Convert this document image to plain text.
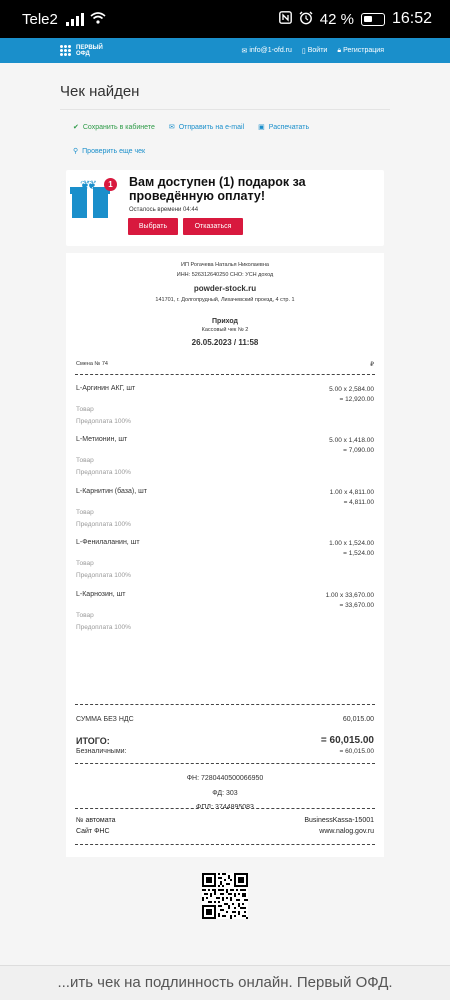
Tele2	42 % 16:52
ПЕРВЫЙ
ОФД	✉ info@1-ofd.ru ▯ Войти 🔒︎ Регистрация
Чек найден
✔ Сохранить в кабинете ✉ Отправить на e-mail ▣ Распечатать
⚲ Проверить еще чек
❦❦	1	Вам доступен (1) подарок за проведённую оплату!
Осталось времени 04:44
Выбрать	Отказаться
ИП Рогачева Наталья Николаевна
ИНН: 526312640250 СНО: УСН доход
powder-stock.ru
141701, г. Долгопрудный, Лихачевский проезд, 4 стр. 1
Приход
Кассовый чек № 2
26.05.2023 / 11:58
Смена № 74	₽
L-Аргинин АКГ, шт	5.00 x 2,584.00
= 12,920.00
Товар
Предоплата 100%
L-Метионин, шт	5.00 x 1,418.00
= 7,090.00
Товар
Предоплата 100%
L-Карнитин (база), шт	1.00 x 4,811.00
= 4,811.00
Товар
Предоплата 100%
L-Фенилаланин, шт	1.00 x 1,524.00
= 1,524.00
Товар
Предоплата 100%
L-Карнозин, шт	1.00 x 33,670.00
= 33,670.00
Товар
Предоплата 100%
СУММА БЕЗ НДС	60,015.00
ИТОГО:	= 60,015.00
Безналичными:	= 60,015.00
ФН: 7280440500066950
ФД: 303
№ автомата	BusinessKassa-15001
Сайт ФНС	www.nalog.gov.ru
...ить чек на подлинность онлайн. Первый ОФД.
